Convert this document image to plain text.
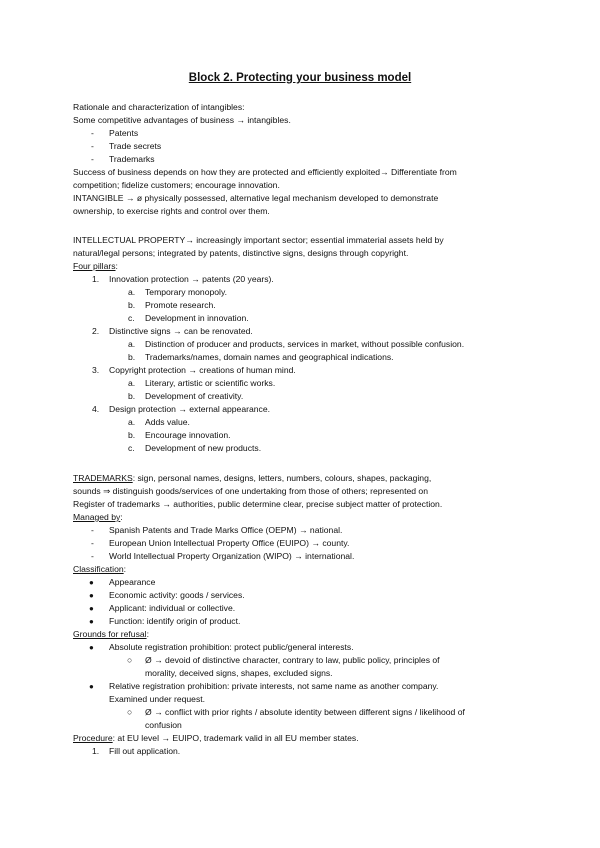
Block 2. Protecting your business model
Rationale and characterization of intangibles:
Some competitive advantages of business → intangibles.
- Patents
- Trade secrets
- Trademarks
Success of business depends on how they are protected and efficiently exploited→ Differentiate from
competition; fidelize customers; encourage innovation.
INTANGIBLE → ø physically possessed, alternative legal mechanism developed to demonstrate
ownership, to exercise rights and control over them.
INTELLECTUAL PROPERTY→ increasingly important sector; essential immaterial assets held by
natural/legal persons; integrated by patents, distinctive signs, designs through copyright.
Four pillars:
1. Innovation protection → patents (20 years).
a. Temporary monopoly.
b. Promote research.
c. Development in innovation.
2. Distinctive signs → can be renovated.
a. Distinction of producer and products, services in market, without possible confusion.
b. Trademarks/names, domain names and geographical indications.
3. Copyright protection → creations of human mind.
a. Literary, artistic or scientific works.
b. Development of creativity.
4. Design protection → external appearance.
a. Adds value.
b. Encourage innovation.
c. Development of new products.
TRADEMARKS: sign, personal names, designs, letters, numbers, colours, shapes, packaging,
sounds ⇒ distinguish goods/services of one undertaking from those of others; represented on
Register of trademarks → authorities, public determine clear, precise subject matter of protection.
Managed by:
- Spanish Patents and Trade Marks Office (OEPM) → national.
- European Union Intellectual Property Office (EUIPO) → county.
- World Intellectual Property Organization (WIPO) → international.
Classification:
● Appearance
● Economic activity: goods / services.
● Applicant: individual or collective.
● Function: identify origin of product.
Grounds for refusal:
● Absolute registration prohibition: protect public/general interests.
○ Ø → devoid of distinctive character, contrary to law, public policy, principles of
morality, deceived signs, shapes, excluded signs.
● Relative registration prohibition: private interests, not same name as another company.
Examined under request.
○ Ø → conflict with prior rights / absolute identity between different signs / likelihood of
confusion
Procedure: at EU level → EUIPO, trademark valid in all EU member states.
1. Fill out application.
